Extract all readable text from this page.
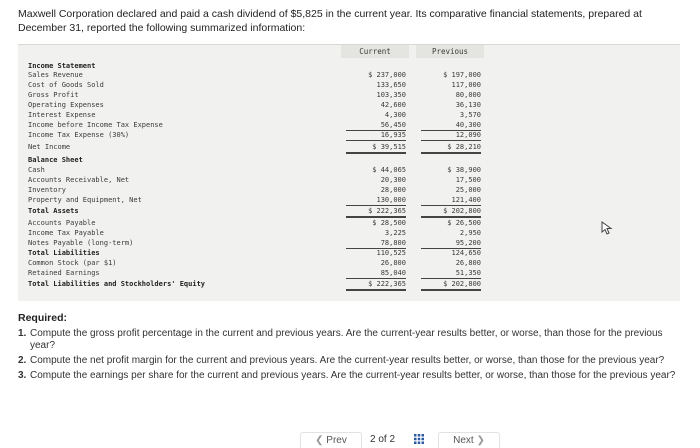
Maxwell Corporation declared and paid a cash dividend of $5,825 in the current year. Its comparative financial statements, prepared at December 31, reported the following summarized information:
Current	Previous
Income Statement
Sales Revenue	$ 237,000	$ 197,000
Cost of Goods Sold	133,650	117,000
Gross Profit	103,350	80,000
Operating Expenses	42,600	36,130
Interest Expense	4,300	3,570
Income before Income Tax Expense	56,450	40,300
Income Tax Expense (30%)	16,935	12,090
Net Income	$ 39,515	$ 28,210
Balance Sheet
Cash	$ 44,065	$ 38,900
Accounts Receivable, Net	20,300	17,500
Inventory	28,000	25,000
Property and Equipment, Net	130,000	121,400
Total Assets	$ 222,365	$ 202,800
Accounts Payable	$ 28,500	$ 26,500
Income Tax Payable	3,225	2,950
Notes Payable (long-term)	78,800	95,200
Total Liabilities	110,525	124,650
Common Stock (par $1)	26,800	26,800
Retained Earnings	85,040	51,350
Total Liabilities and Stockholders' Equity	$ 222,365	$ 202,800
Required:
1. Compute the gross profit percentage in the current and previous years. Are the current-year results better, or worse, than those for the previous year?
2. Compute the net profit margin for the current and previous years. Are the current-year results better, or worse, than those for the previous year?
3. Compute the earnings per share for the current and previous years. Are the current-year results better, or worse, than those for the previous year?
❮ Prev	2 of 2	Next ❯
